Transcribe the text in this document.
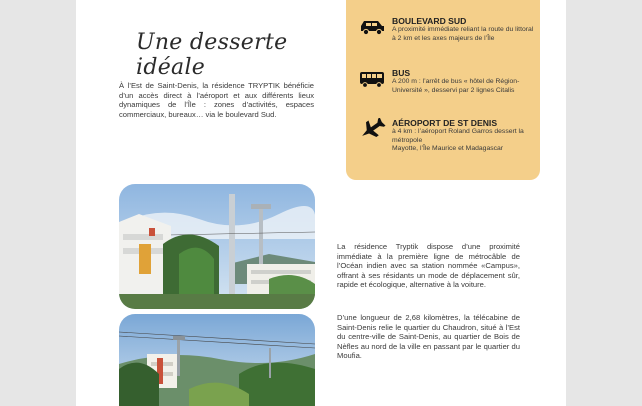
Une desserte idéale

À l’Est de Saint-Denis, la résidence TRYPTIK bénéficie d’un accès direct à l’aéroport et aux différents lieux dynamiques de l’Île : zones d’activités, espaces commerciaux, bureaux… via le boulevard Sud.

BOULEVARD SUD
A proximité immédiate reliant la route du littoral à 2 km et les axes majeurs de l’Île
BUS
A 200 m : l’arrêt de bus « hôtel de Région-Université », desservi par 2 lignes Citalis
AÉROPORT DE ST DENIS
à 4 km : l’aéroport Roland Garros dessert la métropole
Mayotte, l’Île Maurice et Madagascar

La résidence Tryptik dispose d’une proximité immédiate à la première ligne de métrocâble de l’Océan indien avec sa station nommée «Campus», offrant à ses résidants un mode de déplacement sûr, rapide et écologique, alternative à la voiture.

D’une longueur de 2,68 kilomètres, la télécabine de Saint-Denis relie le quartier du Chaudron, situé à l’Est du centre-ville de Saint-Denis, au quartier de Bois de Nèfles au nord de la ville en passant par le quartier du Moufia.
